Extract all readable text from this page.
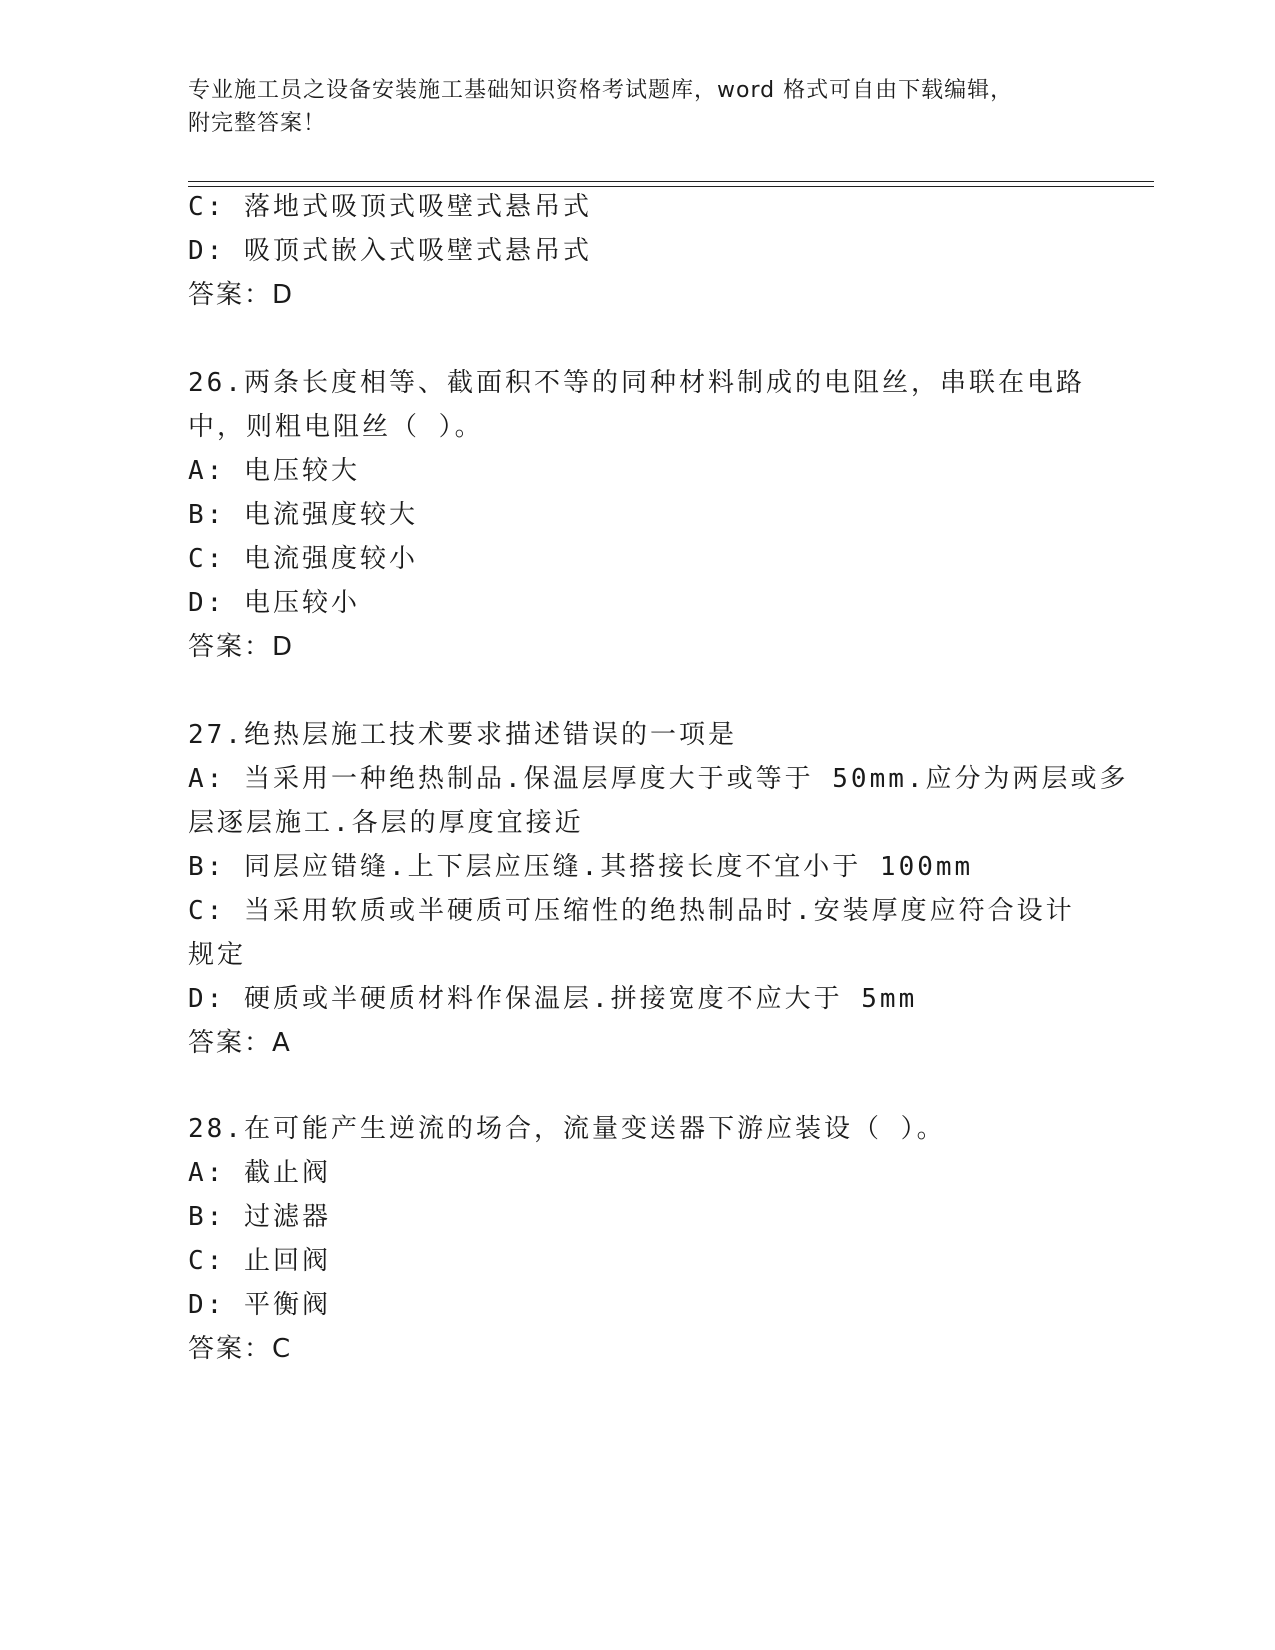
专业施工员之设备安装施工基础知识资格考试题库，word 格式可自由下载编辑，
附完整答案！
C: 落地式吸顶式吸壁式悬吊式
D: 吸顶式嵌入式吸壁式悬吊式
答案：D
26.两条长度相等、截面积不等的同种材料制成的电阻丝，串联在电路
中，则粗电阻丝（ ）。
A: 电压较大
B: 电流强度较大
C: 电流强度较小
D: 电压较小
答案：D
27.绝热层施工技术要求描述错误的一项是
A: 当采用一种绝热制品.保温层厚度大于或等于 50mm.应分为两层或多
层逐层施工.各层的厚度宜接近
B: 同层应错缝.上下层应压缝.其搭接长度不宜小于 100mm
C: 当采用软质或半硬质可压缩性的绝热制品时.安装厚度应符合设计
规定
D: 硬质或半硬质材料作保温层.拼接宽度不应大于 5mm
答案：A
28.在可能产生逆流的场合，流量变送器下游应装设（ ）。
A: 截止阀
B: 过滤器
C: 止回阀
D: 平衡阀
答案：C
